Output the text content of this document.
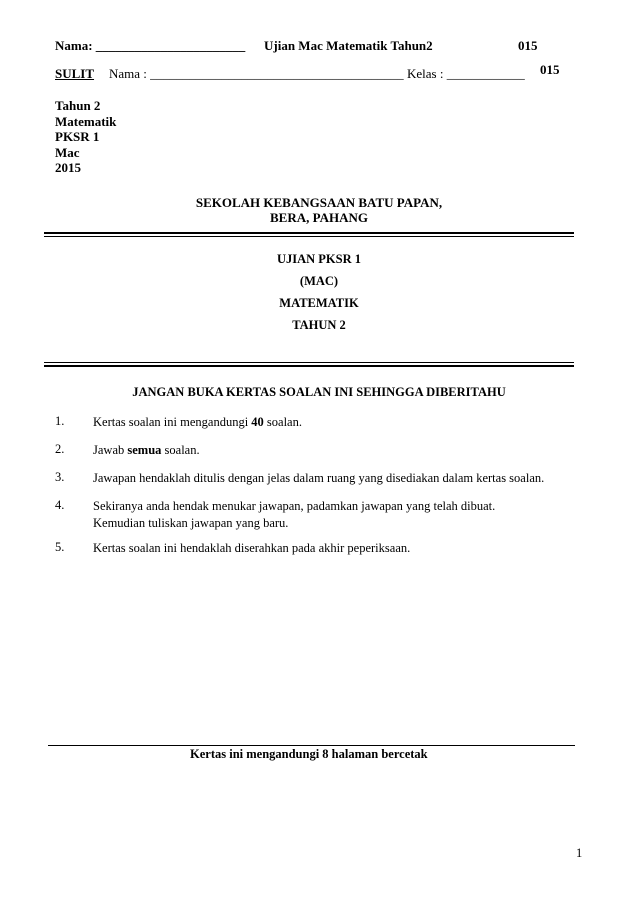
Nama: _______________________ Ujian Mac Matematik Tahun2	015
SULIT Nama : _______________________________________ Kelas : ____________ 015
Tahun 2
Matematik
PKSR 1
Mac
2015
SEKOLAH KEBANGSAAN BATU PAPAN,
BERA, PAHANG
UJIAN PKSR 1
(MAC)
MATEMATIK
TAHUN 2
JANGAN BUKA KERTAS SOALAN INI SEHINGGA DIBERITAHU
1. Kertas soalan ini mengandungi 40 soalan.
2. Jawab semua soalan.
3. Jawapan hendaklah ditulis dengan jelas dalam ruang yang disediakan dalam kertas soalan.
4. Sekiranya anda hendak menukar jawapan, padamkan jawapan yang telah dibuat.
Kemudian tuliskan jawapan yang baru.
5. Kertas soalan ini hendaklah diserahkan pada akhir peperiksaan.
Kertas ini mengandungi 8 halaman bercetak
1
